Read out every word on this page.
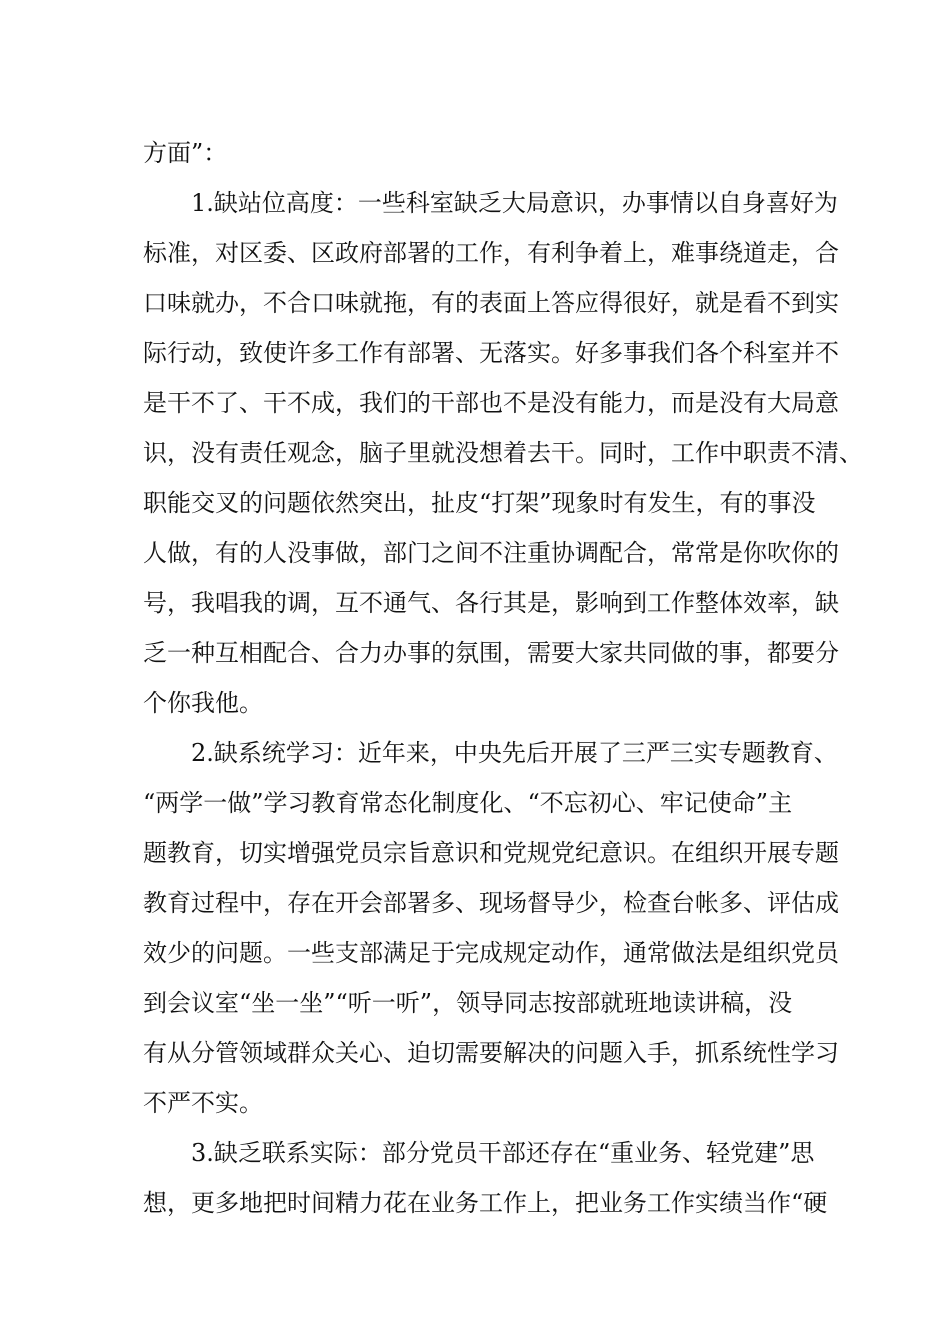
方面”：
1.缺站位高度：一些科室缺乏大局意识，办事情以自身喜好为
标准，对区委、区政府部署的工作，有利争着上，难事绕道走，合
口味就办，不合口味就拖，有的表面上答应得很好，就是看不到实
际行动，致使许多工作有部署、无落实。好多事我们各个科室并不
是干不了、干不成，我们的干部也不是没有能力，而是没有大局意
识，没有责任观念，脑子里就没想着去干。同时，工作中职责不清、
职能交叉的问题依然突出，扯皮“打架”现象时有发生，有的事没
人做，有的人没事做，部门之间不注重协调配合，常常是你吹你的
号，我唱我的调，互不通气、各行其是，影响到工作整体效率，缺
乏一种互相配合、合力办事的氛围，需要大家共同做的事，都要分
个你我他。
2.缺系统学习：近年来，中央先后开展了三严三实专题教育、
“两学一做”学习教育常态化制度化、“不忘初心、牢记使命”主
题教育，切实增强党员宗旨意识和党规党纪意识。在组织开展专题
教育过程中，存在开会部署多、现场督导少，检查台帐多、评估成
效少的问题。一些支部满足于完成规定动作，通常做法是组织党员
到会议室“坐一坐”“听一听”，领导同志按部就班地读讲稿，没
有从分管领域群众关心、迫切需要解决的问题入手，抓系统性学习
不严不实。
3.缺乏联系实际：部分党员干部还存在“重业务、轻党建”思
想，更多地把时间精力花在业务工作上，把业务工作实绩当作“硬
